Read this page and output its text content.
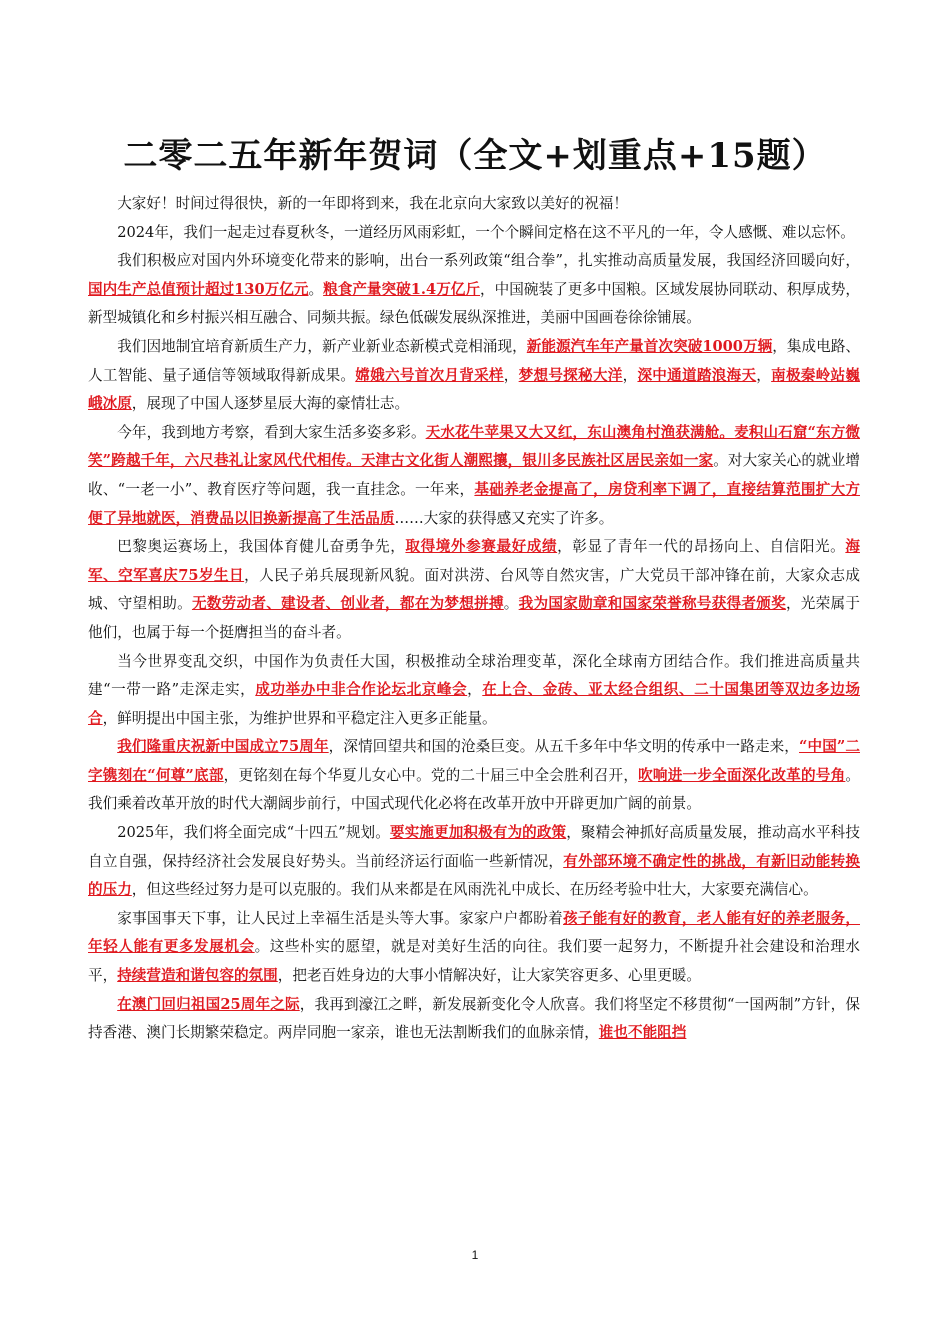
二零二五年新年贺词（全文+划重点+15题）

大家好！时间过得很快，新的一年即将到来，我在北京向大家致以美好的祝福！

2024年，我们一起走过春夏秋冬，一道经历风雨彩虹，一个个瞬间定格在这不平凡的一年，令人感慨、难以忘怀。

我们积极应对国内外环境变化带来的影响，出台一系列政策“组合拳”，扎实推动高质量发展，我国经济回暖向好，国内生产总值预计超过130万亿元。粮食产量突破1.4万亿斤，中国碗装了更多中国粮。区域发展协同联动、积厚成势，新型城镇化和乡村振兴相互融合、同频共振。绿色低碳发展纵深推进，美丽中国画卷徐徐铺展。

我们因地制宜培育新质生产力，新产业新业态新模式竞相涌现，新能源汽车年产量首次突破1000万辆，集成电路、人工智能、量子通信等领域取得新成果。嫦娥六号首次月背采样，梦想号探秘大洋，深中通道踏浪海天，南极秦岭站巍峨冰原，展现了中国人逐梦星辰大海的豪情壮志。

今年，我到地方考察，看到大家生活多姿多彩。天水花牛苹果又大又红，东山澳角村渔获满舱。麦积山石窟“东方微笑”跨越千年，六尺巷礼让家风代代相传。天津古文化街人潮熙攘，银川多民族社区居民亲如一家。对大家关心的就业增收、“一老一小”、教育医疗等问题，我一直挂念。一年来，基础养老金提高了，房贷利率下调了，直接结算范围扩大方便了异地就医，消费品以旧换新提高了生活品质……大家的获得感又充实了许多。

巴黎奥运赛场上，我国体育健儿奋勇争先，取得境外参赛最好成绩，彰显了青年一代的昂扬向上、自信阳光。海军、空军喜庆75岁生日，人民子弟兵展现新风貌。面对洪涝、台风等自然灾害，广大党员干部冲锋在前，大家众志成城、守望相助。无数劳动者、建设者、创业者，都在为梦想拼搏。我为国家勋章和国家荣誉称号获得者颁奖，光荣属于他们，也属于每一个挺膺担当的奋斗者。

当今世界变乱交织，中国作为负责任大国，积极推动全球治理变革，深化全球南方团结合作。我们推进高质量共建“一带一路”走深走实，成功举办中非合作论坛北京峰会，在上合、金砖、亚太经合组织、二十国集团等双边多边场合，鲜明提出中国主张，为维护世界和平稳定注入更多正能量。

我们隆重庆祝新中国成立75周年，深情回望共和国的沧桑巨变。从五千多年中华文明的传承中一路走来，“中国”二字镌刻在“何尊”底部，更铭刻在每个华夏儿女心中。党的二十届三中全会胜利召开，吹响进一步全面深化改革的号角。我们乘着改革开放的时代大潮阔步前行，中国式现代化必将在改革开放中开辟更加广阔的前景。

2025年，我们将全面完成“十四五”规划。要实施更加积极有为的政策，聚精会神抓好高质量发展，推动高水平科技自立自强，保持经济社会发展良好势头。当前经济运行面临一些新情况，有外部环境不确定性的挑战，有新旧动能转换的压力，但这些经过努力是可以克服的。我们从来都是在风雨洗礼中成长、在历经考验中壮大，大家要充满信心。

家事国事天下事，让人民过上幸福生活是头等大事。家家户户都盼着孩子能有好的教育，老人能有好的养老服务，年轻人能有更多发展机会。这些朴实的愿望，就是对美好生活的向往。我们要一起努力，不断提升社会建设和治理水平，持续营造和谐包容的氛围，把老百姓身边的大事小情解决好，让大家笑容更多、心里更暖。

在澳门回归祖国25周年之际，我再到濠江之畔，新发展新变化令人欣喜。我们将坚定不移贯彻“一国两制”方针，保持香港、澳门长期繁荣稳定。两岸同胞一家亲，谁也无法割断我们的血脉亲情，谁也不能阻挡

1
